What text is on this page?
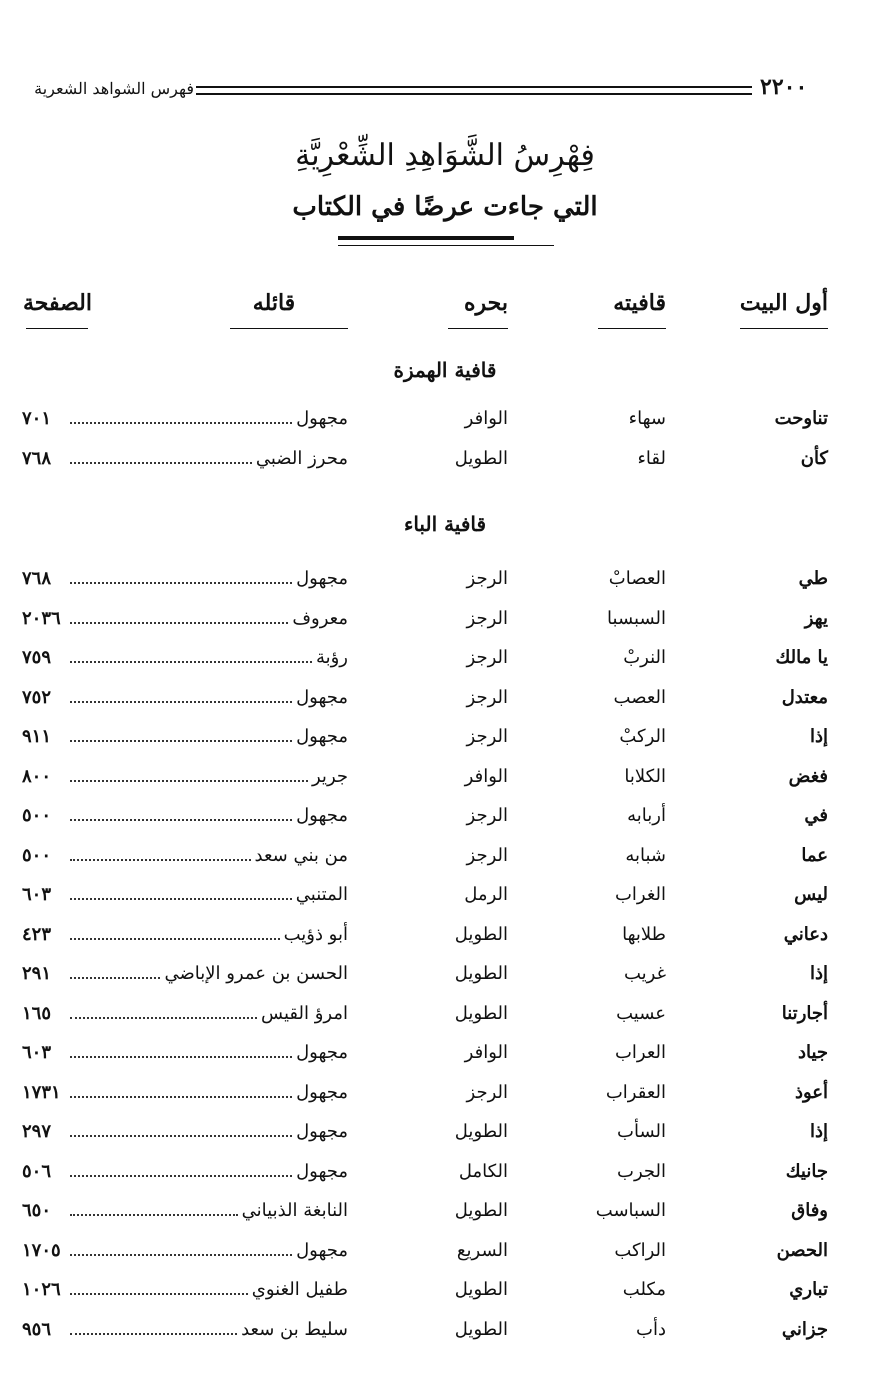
٢٢٠٠
فهرس الشواهد الشعرية
فِهْرِسُ الشَّوَاهِدِ الشِّعْرِيَّةِ
التي جاءت عرضًا في الكتاب
أول البيت
قافيته
بحره
قائله
الصفحة
قافية الهمزة
تناوحت
سهاء
الوافر
مجهول
٧٠١
كأن
لقاء
الطويل
محرز الضبي
٧٦٨
قافية الباء
طي
العصابْ
الرجز
مجهول
٧٦٨
يهز
السبسبا
الرجز
معروف
٢٠٣٦
يا مالك
النربْ
الرجز
رؤبة
٧٥٩
معتدل
العصب
الرجز
مجهول
٧٥٢
إذا
الركبْ
الرجز
مجهول
٩١١
فغض
الكلابا
الوافر
جرير
٨٠٠
في
أربابه
الرجز
مجهول
٥٠٠
عما
شبابه
الرجز
من بني سعد
٥٠٠
ليس
الغراب
الرمل
المتنبي
٦٠٣
دعاني
طلابها
الطويل
أبو ذؤيب
٤٢٣
إذا
غريب
الطويل
الحسن بن عمرو الإباضي
٢٩١
أجارتنا
عسيب
الطويل
امرؤ القيس
١٦٥
جياد
العراب
الوافر
مجهول
٦٠٣
أعوذ
العقراب
الرجز
مجهول
١٧٣١
إذا
السأب
الطويل
مجهول
٢٩٧
جانيك
الجرب
الكامل
مجهول
٥٠٦
وفاق
السباسب
الطويل
النابغة الذبياني
٦٥٠
الحصن
الراكب
السريع
مجهول
١٧٠٥
تباري
مكلب
الطويل
طفيل الغنوي
١٠٢٦
جزاني
دأب
الطويل
سليط بن سعد
٩٥٦
